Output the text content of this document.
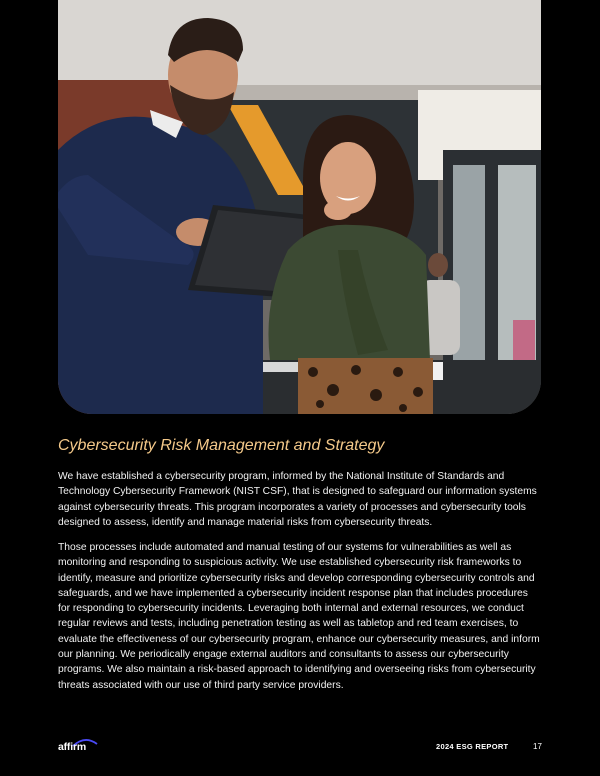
Cybersecurity Risk Management and Strategy

We have established a cybersecurity program, informed by the National Institute of Standards and Technology Cybersecurity Framework (NIST CSF), that is designed to safeguard our information systems against cybersecurity threats. This program incorporates a variety of processes and cybersecurity tools designed to assess, identify and manage material risks from cybersecurity threats.

Those processes include automated and manual testing of our systems for vulnerabilities as well as monitoring and responding to suspicious activity. We use established cybersecurity risk frameworks to identify, measure and prioritize cybersecurity risks and develop corresponding cybersecurity controls and safeguards, and we have implemented a cybersecurity incident response plan that includes procedures for responding to cybersecurity incidents. Leveraging both internal and external resources, we conduct regular reviews and tests, including penetration testing as well as tabletop and red team exercises, to evaluate the effectiveness of our cybersecurity program, enhance our cybersecurity measures, and inform our planning. We periodically engage external auditors and consultants to assess our cybersecurity programs. We also maintain a risk-based approach to identifying and overseeing risks from cybersecurity threats associated with our use of third party service providers.

affirm	2024 ESG REPORT	17
